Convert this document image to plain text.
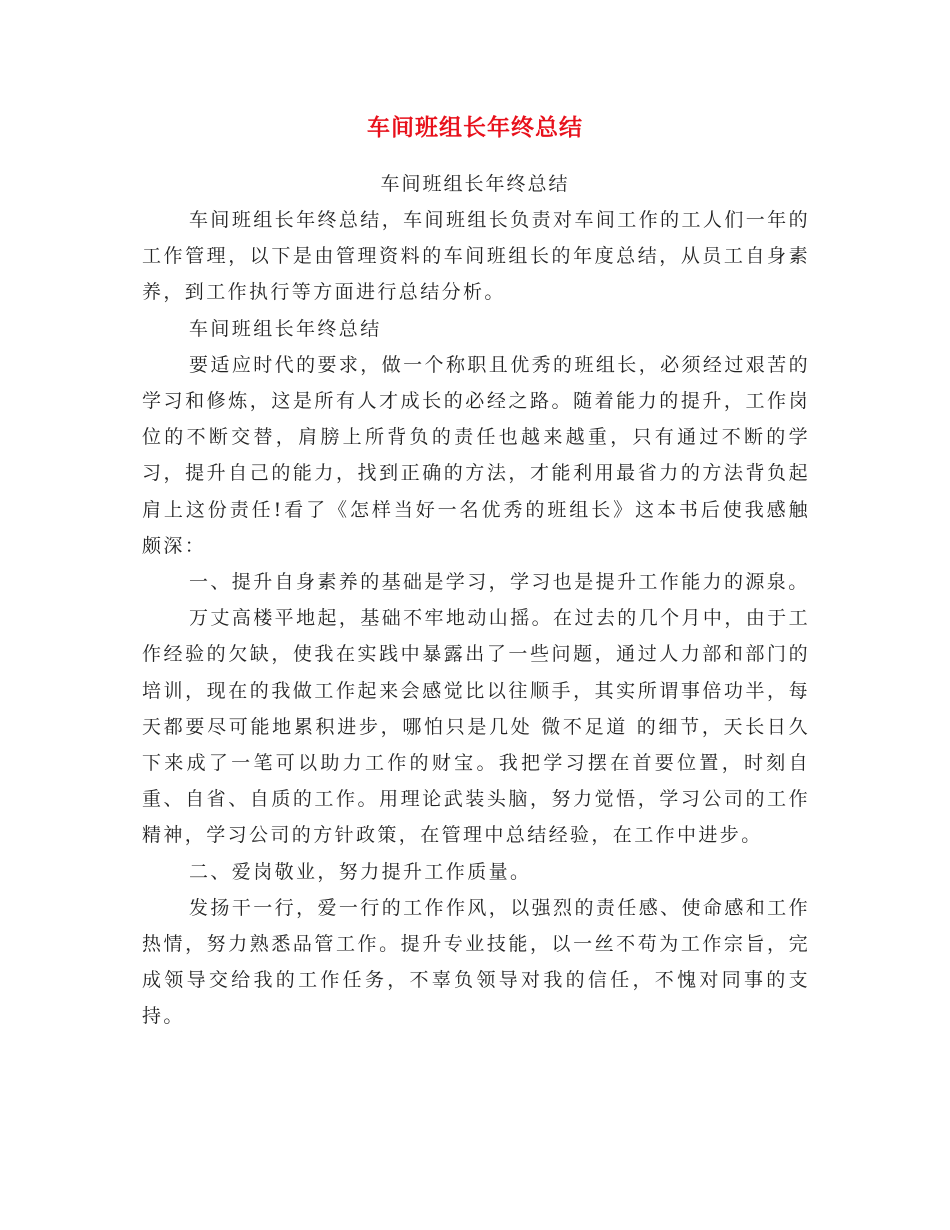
车间班组长年终总结
车间班组长年终总结

车间班组长年终总结，车间班组长负责对车间工作的工人们一年的工作管理，以下是由管理资料的车间班组长的年度总结，从员工自身素养，到工作执行等方面进行总结分析。

车间班组长年终总结

要适应时代的要求，做一个称职且优秀的班组长，必须经过艰苦的学习和修炼，这是所有人才成长的必经之路。随着能力的提升，工作岗位的不断交替，肩膀上所背负的责任也越来越重，只有通过不断的学习，提升自己的能力，找到正确的方法，才能利用最省力的方法背负起肩上这份责任!看了《怎样当好一名优秀的班组长》这本书后使我感触颇深：

一、提升自身素养的基础是学习，学习也是提升工作能力的源泉。

万丈高楼平地起，基础不牢地动山摇。在过去的几个月中，由于工作经验的欠缺，使我在实践中暴露出了一些问题，通过人力部和部门的培训，现在的我做工作起来会感觉比以往顺手，其实所谓事倍功半，每天都要尽可能地累积进步，哪怕只是几处 微不足道 的细节，天长日久下来成了一笔可以助力工作的财宝。我把学习摆在首要位置，时刻自重、自省、自质的工作。用理论武装头脑，努力觉悟，学习公司的工作精神，学习公司的方针政策，在管理中总结经验，在工作中进步。

二、爱岗敬业，努力提升工作质量。

发扬干一行，爱一行的工作作风，以强烈的责任感、使命感和工作热情，努力熟悉品管工作。提升专业技能，以一丝不苟为工作宗旨，完成领导交给我的工作任务，不辜负领导对我的信任，不愧对同事的支持。
